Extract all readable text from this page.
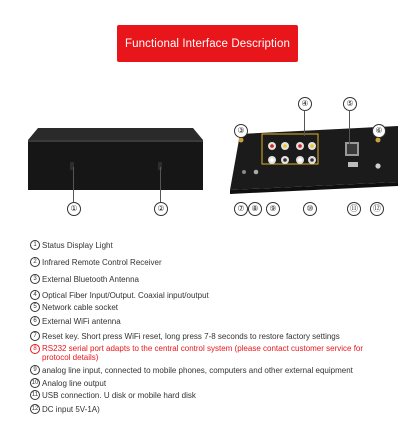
Functional Interface Description
①	②
③
④	⑤
⑥
⑦ ⑧	⑨	⑩	⑪	⑫
1 Status Display Light
2 Infrared Remote Control Receiver
3 External Bluetooth Antenna
4 Optical Fiber Input/Output. Coaxial input/output
5 Network cable socket
6 External WiFi antenna
7 Reset key. Short press WiFi reset, long press 7-8 seconds to restore factory settings
8 RS232 serial port adapts to the central control system (please contact customer service for protocol details)
9 analog line input, connected to mobile phones, computers and other external equipment
10 Analog line output
11 USB connection. U disk or mobile hard disk
12 DC input 5V-1A)
